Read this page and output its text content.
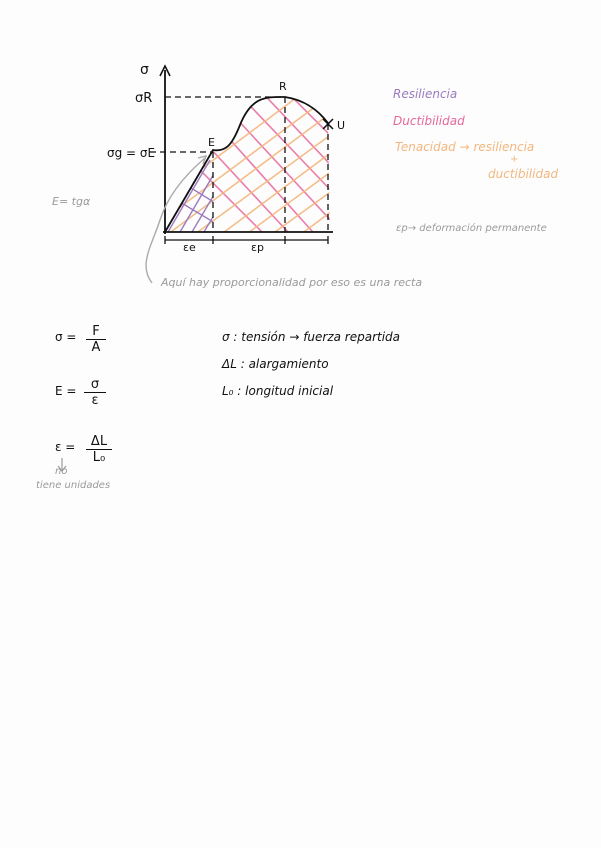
σ
σR
σg = σE
R
E
U
εe	εp
Resiliencia
Ductibilidad
Tenacidad → resiliencia
+
ductibilidad
E= tgα
εp→ deformación permanente
Aquí hay proporcionalidad por eso es una recta
$\sigma = \frac{F}{A}$
$E = \frac{\sigma}{\varepsilon}$
$\varepsilon = \frac{\Delta L}{\text{L₀}}$
no
tiene unidades
σ : tensión → fuerza repartida
ΔL : alargamiento
L₀ : longitud inicial
